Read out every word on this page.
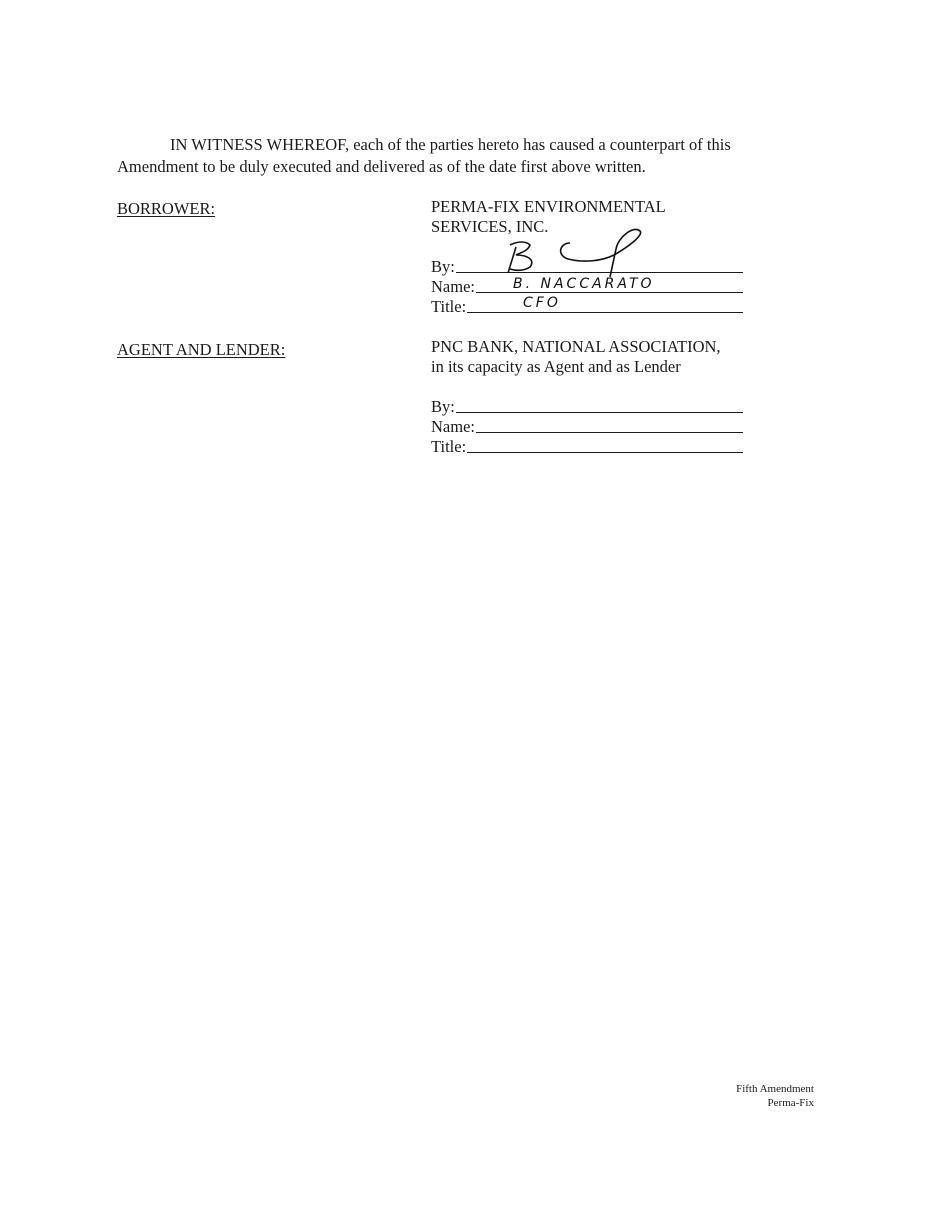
IN WITNESS WHEREOF, each of the parties hereto has caused a counterpart of this
Amendment to be duly executed and delivered as of the date first above written.
BORROWER:	PERMA-FIX ENVIRONMENTAL
SERVICES, INC.
By:
Name:	B. NACCARATO
Title:	CFO
AGENT AND LENDER:	PNC BANK, NATIONAL ASSOCIATION,
in its capacity as Agent and as Lender
By:
Name:
Title:
Fifth Amendment
Perma-Fix
